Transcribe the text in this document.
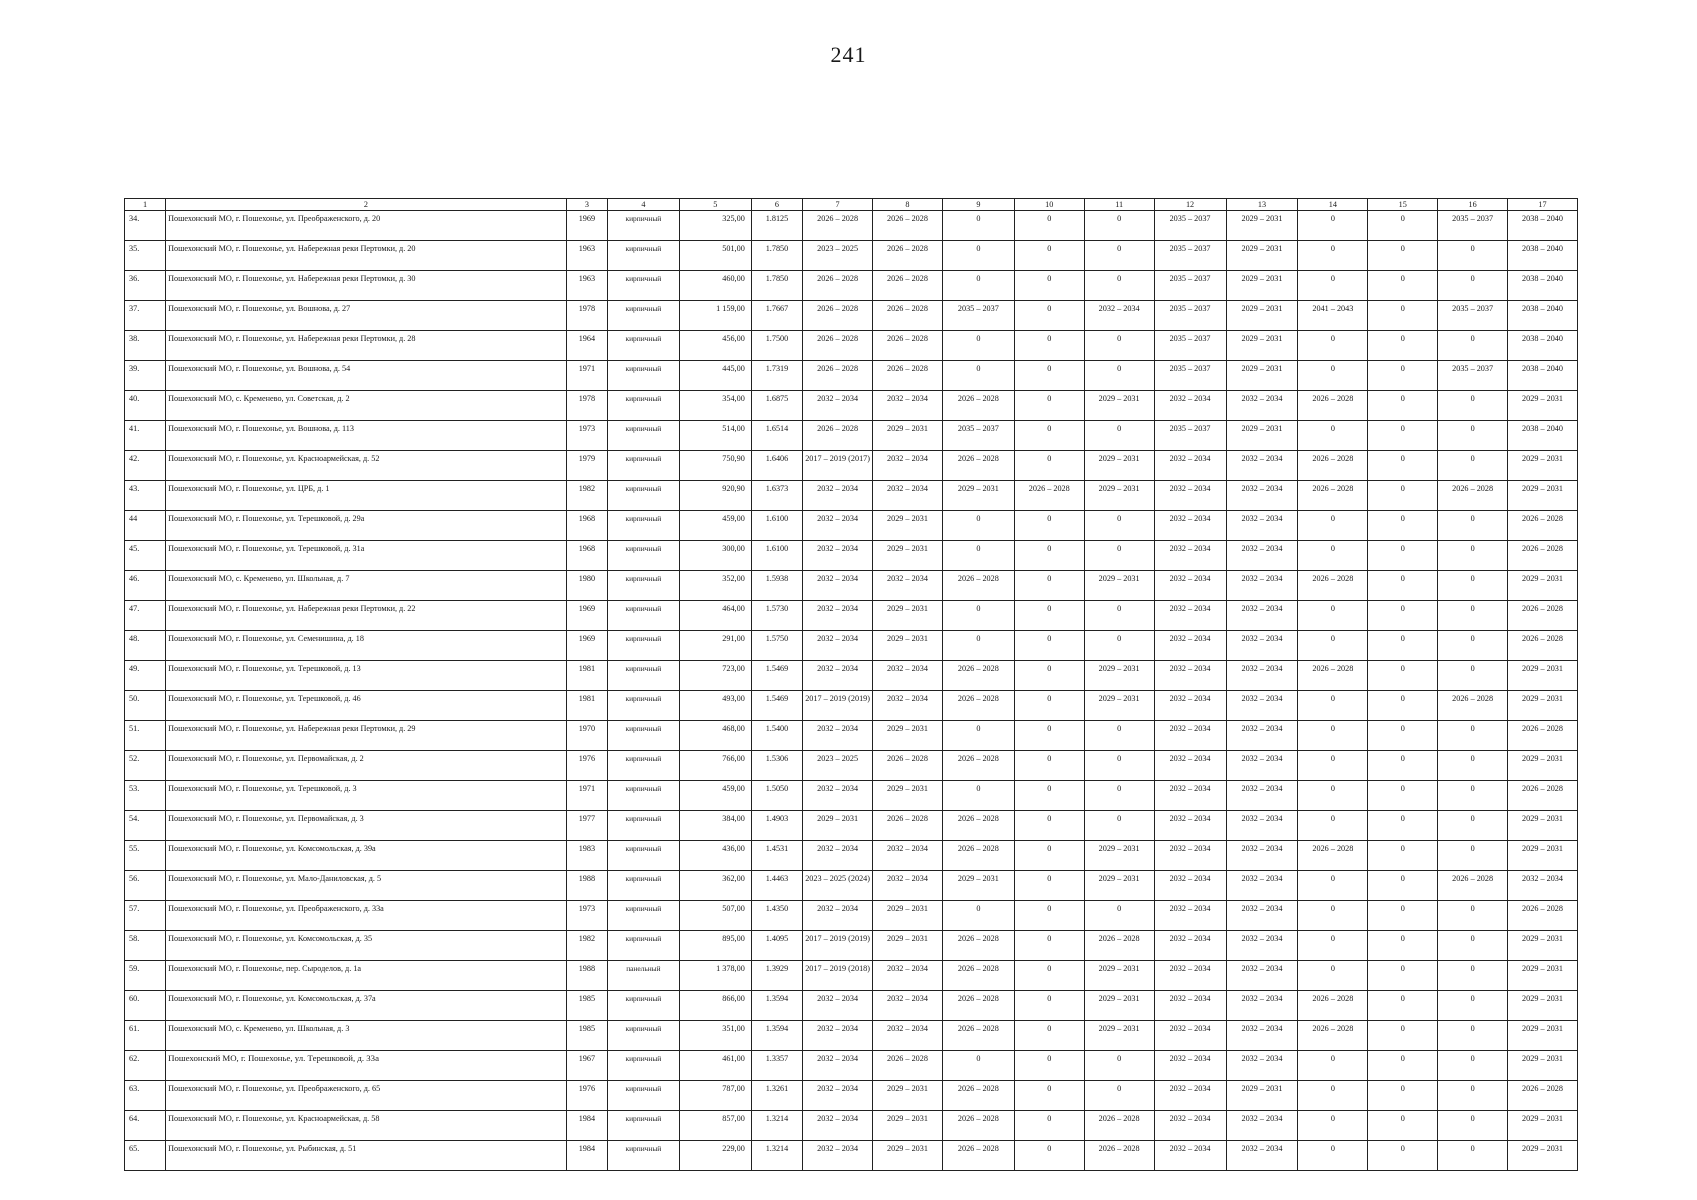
241
1	2	3	4	5	6	7	8	9	10	11	12	13	14	15	16	17
34.	Пошехонский МО, г. Пошехонье, ул. Преображенского, д. 20	1969	кирпичный	325,00	1.8125	2026 – 2028	2026 – 2028	0	0	0	2035 – 2037	2029 – 2031	0	0	2035 – 2037	2038 – 2040
35.	Пошехонский МО, г. Пошехонье, ул. Набережная реки Пертомки, д. 20	1963	кирпичный	501,00	1.7850	2023 – 2025	2026 – 2028	0	0	0	2035 – 2037	2029 – 2031	0	0	0	2038 – 2040
36.	Пошехонский МО, г. Пошехонье, ул. Набережная реки Пертомки, д. 30	1963	кирпичный	460,00	1.7850	2026 – 2028	2026 – 2028	0	0	0	2035 – 2037	2029 – 2031	0	0	0	2038 – 2040
37.	Пошехонский МО, г. Пошехонье, ул. Вошнова, д. 27	1978	кирпичный	1 159,00	1.7667	2026 – 2028	2026 – 2028	2035 – 2037	0	2032 – 2034	2035 – 2037	2029 – 2031	2041 – 2043	0	2035 – 2037	2038 – 2040
38.	Пошехонский МО, г. Пошехонье, ул. Набережная реки Пертомки, д. 28	1964	кирпичный	456,00	1.7500	2026 – 2028	2026 – 2028	0	0	0	2035 – 2037	2029 – 2031	0	0	0	2038 – 2040
39.	Пошехонский МО, г. Пошехонье, ул. Вошнова, д. 54	1971	кирпичный	445,00	1.7319	2026 – 2028	2026 – 2028	0	0	0	2035 – 2037	2029 – 2031	0	0	2035 – 2037	2038 – 2040
40.	Пошехонский МО, с. Кременево, ул. Советская, д. 2	1978	кирпичный	354,00	1.6875	2032 – 2034	2032 – 2034	2026 – 2028	0	2029 – 2031	2032 – 2034	2032 – 2034	2026 – 2028	0	0	2029 – 2031
41.	Пошехонский МО, г. Пошехонье, ул. Вошнова, д. 113	1973	кирпичный	514,00	1.6514	2026 – 2028	2029 – 2031	2035 – 2037	0	0	2035 – 2037	2029 – 2031	0	0	0	2038 – 2040
42.	Пошехонский МО, г. Пошехонье, ул. Красноармейская, д. 52	1979	кирпичный	750,90	1.6406	2017 – 2019 (2017)	2032 – 2034	2026 – 2028	0	2029 – 2031	2032 – 2034	2032 – 2034	2026 – 2028	0	0	2029 – 2031
43.	Пошехонский МО, г. Пошехонье, ул. ЦРБ, д. 1	1982	кирпичный	920,90	1.6373	2032 – 2034	2032 – 2034	2029 – 2031	2026 – 2028	2029 – 2031	2032 – 2034	2032 – 2034	2026 – 2028	0	2026 – 2028	2029 – 2031
44	Пошехонский МО, г. Пошехонье, ул. Терешковой, д. 29а	1968	кирпичный	459,00	1.6100	2032 – 2034	2029 – 2031	0	0	0	2032 – 2034	2032 – 2034	0	0	0	2026 – 2028
45.	Пошехонский МО, г. Пошехонье, ул. Терешковой, д. 31а	1968	кирпичный	300,00	1.6100	2032 – 2034	2029 – 2031	0	0	0	2032 – 2034	2032 – 2034	0	0	0	2026 – 2028
46.	Пошехонский МО, с. Кременево, ул. Школьная, д. 7	1980	кирпичный	352,00	1.5938	2032 – 2034	2032 – 2034	2026 – 2028	0	2029 – 2031	2032 – 2034	2032 – 2034	2026 – 2028	0	0	2029 – 2031
47.	Пошехонский МО, г. Пошехонье, ул. Набережная реки Пертомки, д. 22	1969	кирпичный	464,00	1.5730	2032 – 2034	2029 – 2031	0	0	0	2032 – 2034	2032 – 2034	0	0	0	2026 – 2028
48.	Пошехонский МО, г. Пошехонье, ул. Семенишина, д. 18	1969	кирпичный	291,00	1.5750	2032 – 2034	2029 – 2031	0	0	0	2032 – 2034	2032 – 2034	0	0	0	2026 – 2028
49.	Пошехонский МО, г. Пошехонье, ул. Терешковой, д. 13	1981	кирпичный	723,00	1.5469	2032 – 2034	2032 – 2034	2026 – 2028	0	2029 – 2031	2032 – 2034	2032 – 2034	2026 – 2028	0	0	2029 – 2031
50.	Пошехонский МО, г. Пошехонье, ул. Терешковой, д. 46	1981	кирпичный	493,00	1.5469	2017 – 2019 (2019)	2032 – 2034	2026 – 2028	0	2029 – 2031	2032 – 2034	2032 – 2034	0	0	2026 – 2028	2029 – 2031
51.	Пошехонский МО, г. Пошехонье, ул. Набережная реки Пертомки, д. 29	1970	кирпичный	468,00	1.5400	2032 – 2034	2029 – 2031	0	0	0	2032 – 2034	2032 – 2034	0	0	0	2026 – 2028
52.	Пошехонский МО, г. Пошехонье, ул. Первомайская, д. 2	1976	кирпичный	766,00	1.5306	2023 – 2025	2026 – 2028	2026 – 2028	0	0	2032 – 2034	2032 – 2034	0	0	0	2029 – 2031
53.	Пошехонский МО, г. Пошехонье, ул. Терешковой, д. 3	1971	кирпичный	459,00	1.5050	2032 – 2034	2029 – 2031	0	0	0	2032 – 2034	2032 – 2034	0	0	0	2026 – 2028
54.	Пошехонский МО, г. Пошехонье, ул. Первомайская, д. 3	1977	кирпичный	384,00	1.4903	2029 – 2031	2026 – 2028	2026 – 2028	0	0	2032 – 2034	2032 – 2034	0	0	0	2029 – 2031
55.	Пошехонский МО, г. Пошехонье, ул. Комсомольская, д. 39а	1983	кирпичный	436,00	1.4531	2032 – 2034	2032 – 2034	2026 – 2028	0	2029 – 2031	2032 – 2034	2032 – 2034	2026 – 2028	0	0	2029 – 2031
56.	Пошехонский МО, г. Пошехонье, ул. Мало-Даниловская, д. 5	1988	кирпичный	362,00	1.4463	2023 – 2025 (2024)	2032 – 2034	2029 – 2031	0	2029 – 2031	2032 – 2034	2032 – 2034	0	0	2026 – 2028	2032 – 2034
57.	Пошехонский МО, г. Пошехонье, ул. Преображенского, д. 33а	1973	кирпичный	507,00	1.4350	2032 – 2034	2029 – 2031	0	0	0	2032 – 2034	2032 – 2034	0	0	0	2026 – 2028
58.	Пошехонский МО, г. Пошехонье, ул. Комсомольская, д. 35	1982	кирпичный	895,00	1.4095	2017 – 2019 (2019)	2029 – 2031	2026 – 2028	0	2026 – 2028	2032 – 2034	2032 – 2034	0	0	0	2029 – 2031
59.	Пошехонский МО, г. Пошехонье, пер. Сыроделов, д. 1а	1988	панельный	1 378,00	1.3929	2017 – 2019 (2018)	2032 – 2034	2026 – 2028	0	2029 – 2031	2032 – 2034	2032 – 2034	0	0	0	2029 – 2031
60.	Пошехонский МО, г. Пошехонье, ул. Комсомольская, д. 37а	1985	кирпичный	866,00	1.3594	2032 – 2034	2032 – 2034	2026 – 2028	0	2029 – 2031	2032 – 2034	2032 – 2034	2026 – 2028	0	0	2029 – 2031
61.	Пошехонский МО, с. Кременево, ул. Школьная, д. 3	1985	кирпичный	351,00	1.3594	2032 – 2034	2032 – 2034	2026 – 2028	0	2029 – 2031	2032 – 2034	2032 – 2034	2026 – 2028	0	0	2029 – 2031
62.	Пошехонский МО, г. Пошехонье, ул. Терешковой, д. 33а	1967	кирпичный	461,00	1.3357	2032 – 2034	2026 – 2028	0	0	0	2032 – 2034	2032 – 2034	0	0	0	2029 – 2031
63.	Пошехонский МО, г. Пошехонье, ул. Преображенского, д. 65	1976	кирпичный	787,00	1.3261	2032 – 2034	2029 – 2031	2026 – 2028	0	0	2032 – 2034	2029 – 2031	0	0	0	2026 – 2028
64.	Пошехонский МО, г. Пошехонье, ул. Красноармейская, д. 58	1984	кирпичный	857,00	1.3214	2032 – 2034	2029 – 2031	2026 – 2028	0	2026 – 2028	2032 – 2034	2032 – 2034	0	0	0	2029 – 2031
65.	Пошехонский МО, г. Пошехонье, ул. Рыбинская, д. 51	1984	кирпичный	229,00	1.3214	2032 – 2034	2029 – 2031	2026 – 2028	0	2026 – 2028	2032 – 2034	2032 – 2034	0	0	0	2029 – 2031
